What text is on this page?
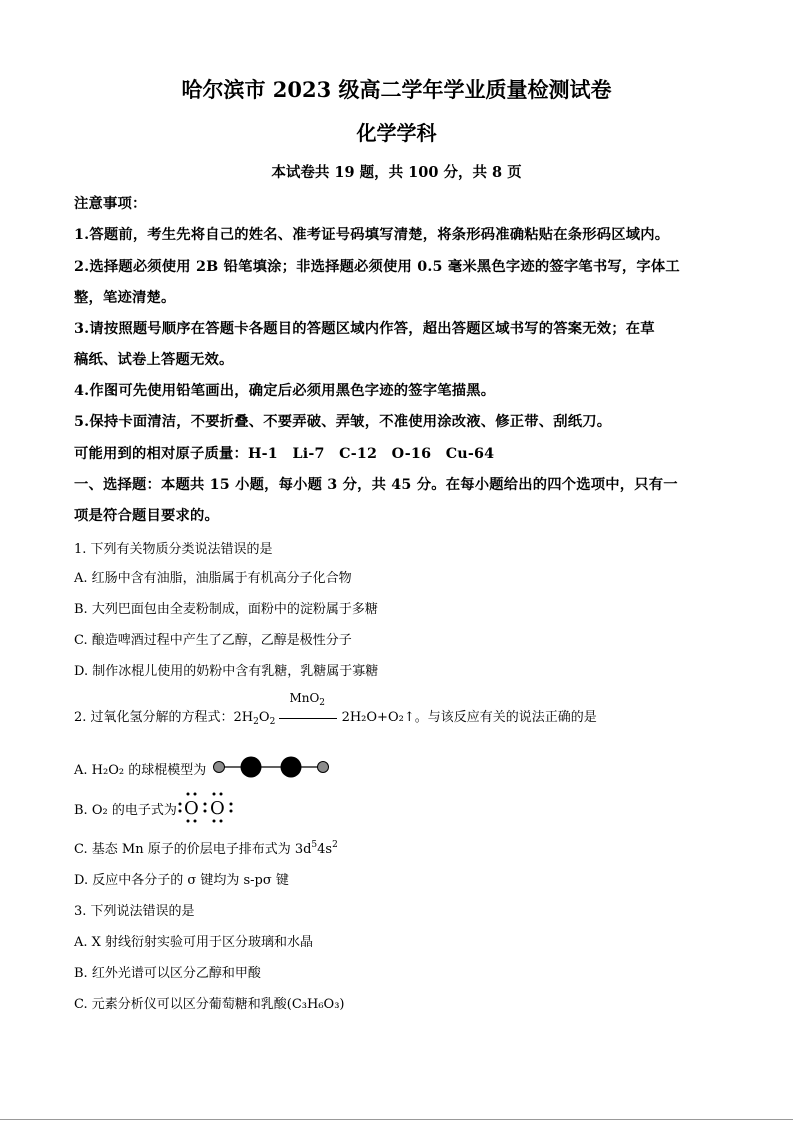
哈尔滨市 2023 级高二学年学业质量检测试卷
化学学科
本试卷共 19 题，共 100 分，共 8 页
注意事项：
1.答题前，考生先将自己的姓名、准考证号码填写清楚，将条形码准确粘贴在条形码区域内。
2.选择题必须使用 2B 铅笔填涂；非选择题必须使用 0.5 毫米黑色字迹的签字笔书写，字体工
整，笔迹清楚。
3.请按照题号顺序在答题卡各题目的答题区域内作答，超出答题区域书写的答案无效；在草
稿纸、试卷上答题无效。
4.作图可先使用铅笔画出，确定后必须用黑色字迹的签字笔描黑。
5.保持卡面清洁，不要折叠、不要弄破、弄皱，不准使用涂改液、修正带、刮纸刀。
可能用到的相对原子质量：H-1　Li-7　C-12　O-16　Cu-64
一、选择题：本题共 15 小题，每小题 3 分，共 45 分。在每小题给出的四个选项中，只有一
项是符合题目要求的。
1. 下列有关物质分类说法错误的是
A. 红肠中含有油脂，油脂属于有机高分子化合物
B. 大列巴面包由全麦粉制成，面粉中的淀粉属于多糖
C. 酿造啤酒过程中产生了乙醇，乙醇是极性分子
D. 制作冰棍儿使用的奶粉中含有乳糖，乳糖属于寡糖
2. 过氧化氢分解的方程式：$2H_2O_2$
MnO$_2$
2H₂O+O₂↑。与该反应有关的说法正确的是
A. H₂O₂ 的球棍模型为
B. O₂ 的电子式为 O O
C. 基态 Mn 原子的价层电子排布式为 $3d^54s^2$
D. 反应中各分子的 σ 键均为 s-pσ 键
3. 下列说法错误的是
A. X 射线衍射实验可用于区分玻璃和水晶
B. 红外光谱可以区分乙醇和甲酸
C. 元素分析仪可以区分葡萄糖和乳酸(C₃H₆O₃)
